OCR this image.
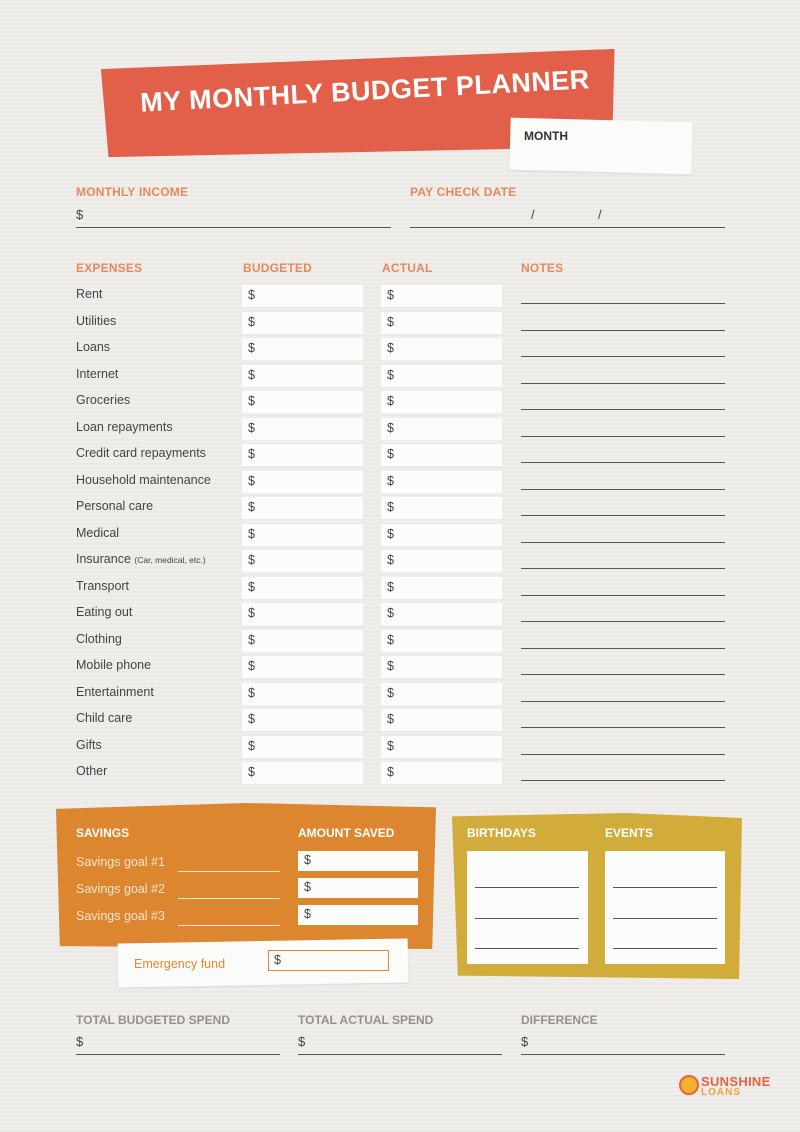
MY MONTHLY BUDGET PLANNER
MONTH
MONTHLY INCOME
$
PAY CHECK DATE
/	/
EXPENSES	BUDGETED	ACTUAL	NOTES
Rent	$	$
Utilities	$	$
Loans	$	$
Internet	$	$
Groceries	$	$
Loan repayments	$	$
Credit card repayments	$	$
Household maintenance	$	$
Personal care	$	$
Medical	$	$
Insurance (Car, medical, etc.)	$	$
Transport	$	$
Eating out	$	$
Clothing	$	$
Mobile phone	$	$
Entertainment	$	$
Child care	$	$
Gifts	$	$
Other	$	$
SAVINGS	AMOUNT SAVED
Savings goal #1	$
Savings goal #2	$
Savings goal #3	$
Emergency fund	$
BIRTHDAYS	EVENTS
TOTAL BUDGETED SPEND
$
TOTAL ACTUAL SPEND
$
DIFFERENCE
$
SUNSHINE
LOANS
